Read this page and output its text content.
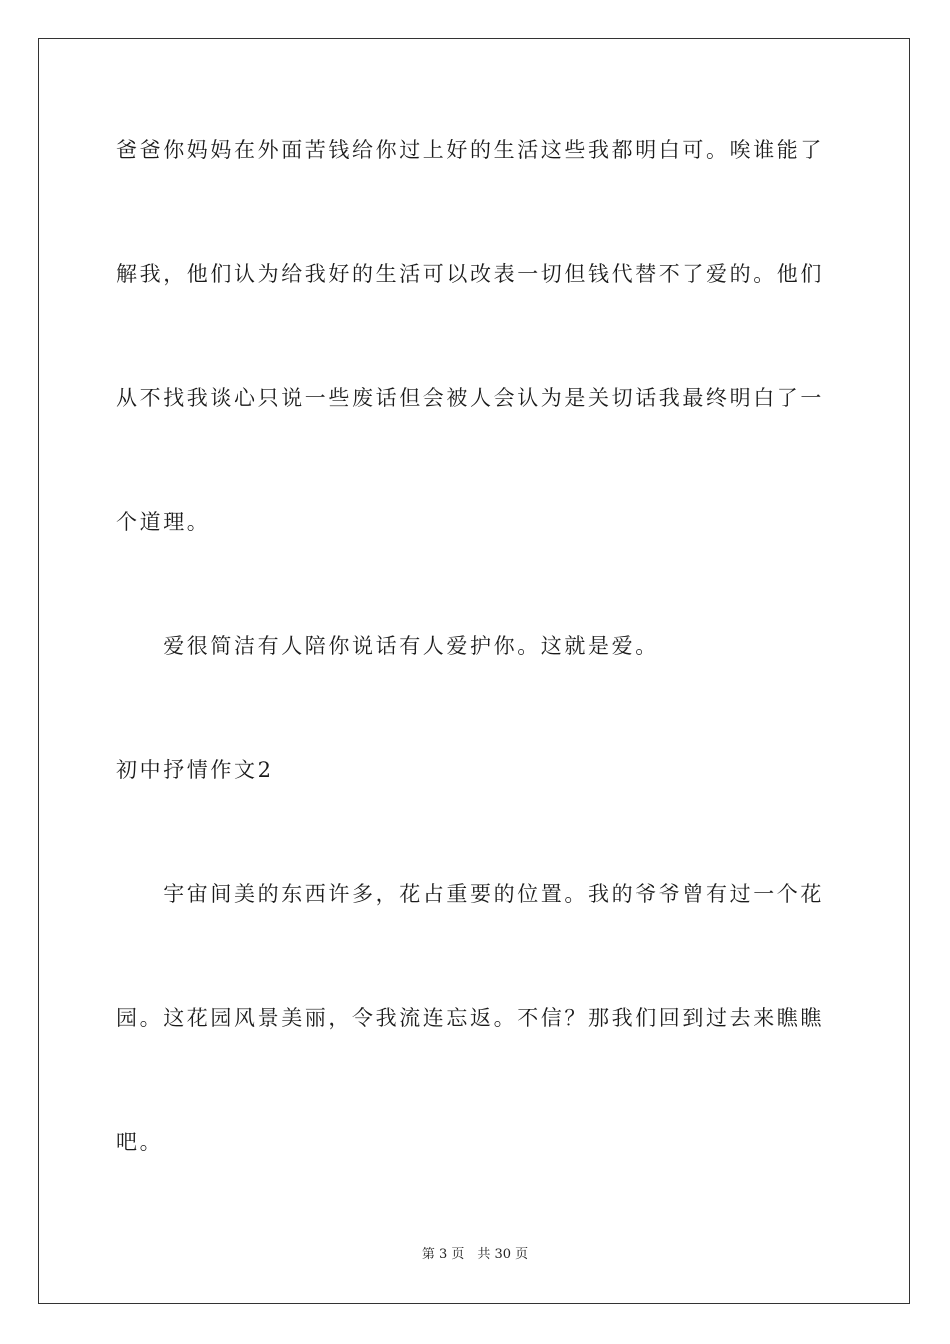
爸爸你妈妈在外面苦钱给你过上好的生活这些我都明白可。唉谁能了
解我，他们认为给我好的生活可以改表一切但钱代替不了爱的。他们
从不找我谈心只说一些废话但会被人会认为是关切话我最终明白了一
个道理。
　　爱很简洁有人陪你说话有人爱护你。这就是爱。
初中抒情作文2
　　宇宙间美的东西许多，花占重要的位置。我的爷爷曾有过一个花
园。这花园风景美丽，令我流连忘返。不信？那我们回到过去来瞧瞧
吧。
第 3 页　共 30 页
